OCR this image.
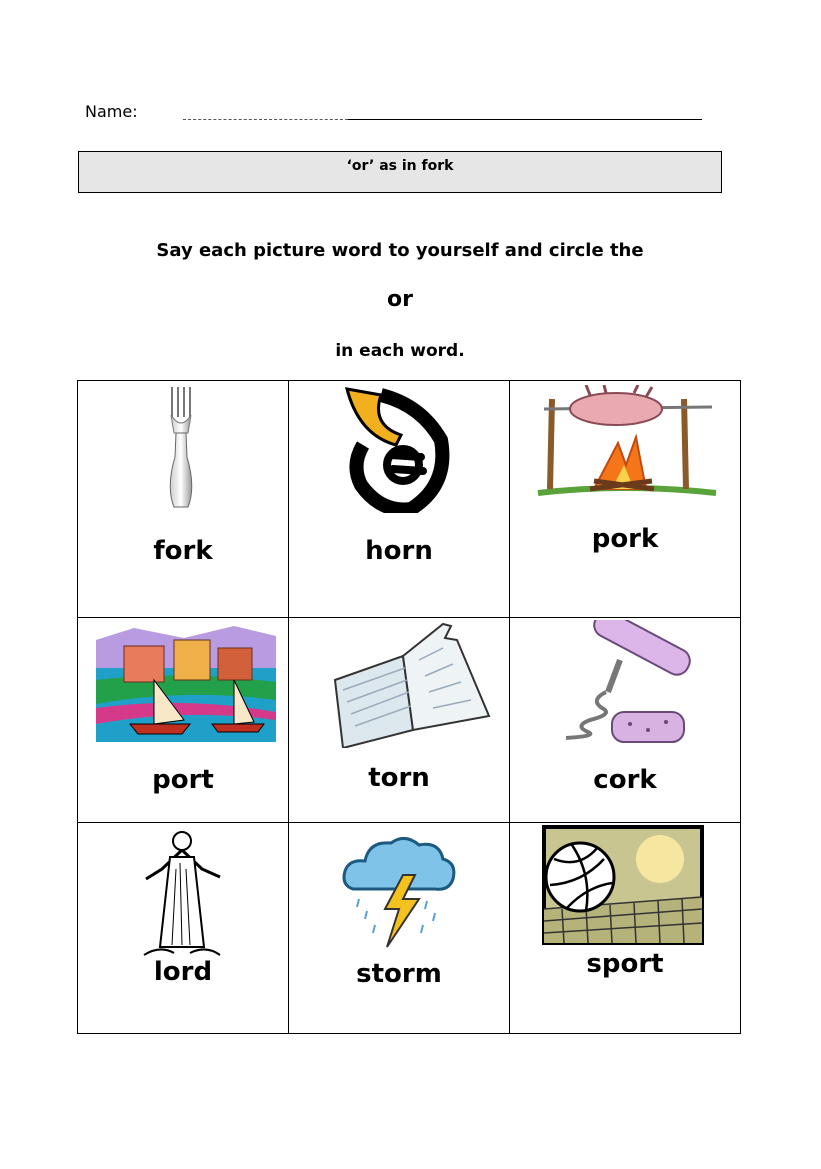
Name:
‘or’ as in fork
Say each picture word to yourself and circle the
or
in each word.
fork	horn	pork

port	torn	cork

lord	storm	sport
